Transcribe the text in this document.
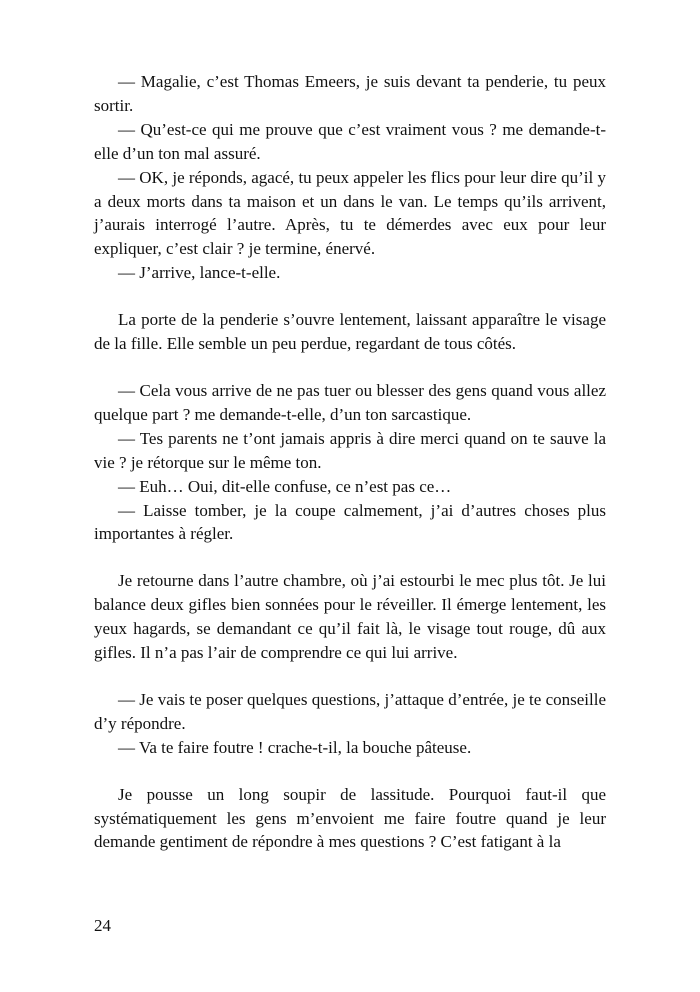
— Magalie, c’est Thomas Emeers, je suis devant ta penderie, tu peux sortir.

— Qu’est-ce qui me prouve que c’est vraiment vous ? me demande-t-elle d’un ton mal assuré.

— OK, je réponds, agacé, tu peux appeler les flics pour leur dire qu’il y a deux morts dans ta maison et un dans le van. Le temps qu’ils arrivent, j’aurais interrogé l’autre. Après, tu te démerdes avec eux pour leur expliquer, c’est clair ? je termine, énervé.

— J’arrive, lance-t-elle.

La porte de la penderie s’ouvre lentement, laissant apparaître le visage de la fille. Elle semble un peu perdue, regardant de tous côtés.

— Cela vous arrive de ne pas tuer ou blesser des gens quand vous allez quelque part ? me demande-t-elle, d’un ton sarcastique.

— Tes parents ne t’ont jamais appris à dire merci quand on te sauve la vie ? je rétorque sur le même ton.

— Euh… Oui, dit-elle confuse, ce n’est pas ce…

— Laisse tomber, je la coupe calmement, j’ai d’autres choses plus importantes à régler.

Je retourne dans l’autre chambre, où j’ai estourbi le mec plus tôt. Je lui balance deux gifles bien sonnées pour le réveiller. Il émerge lentement, les yeux hagards, se demandant ce qu’il fait là, le visage tout rouge, dû aux gifles. Il n’a pas l’air de comprendre ce qui lui arrive.

— Je vais te poser quelques questions, j’attaque d’entrée, je te conseille d’y répondre.

— Va te faire foutre ! crache-t-il, la bouche pâteuse.

Je pousse un long soupir de lassitude. Pourquoi faut-il que systématiquement les gens m’envoient me faire foutre quand je leur demande gentiment de répondre à mes questions ? C’est fatigant à la

24
